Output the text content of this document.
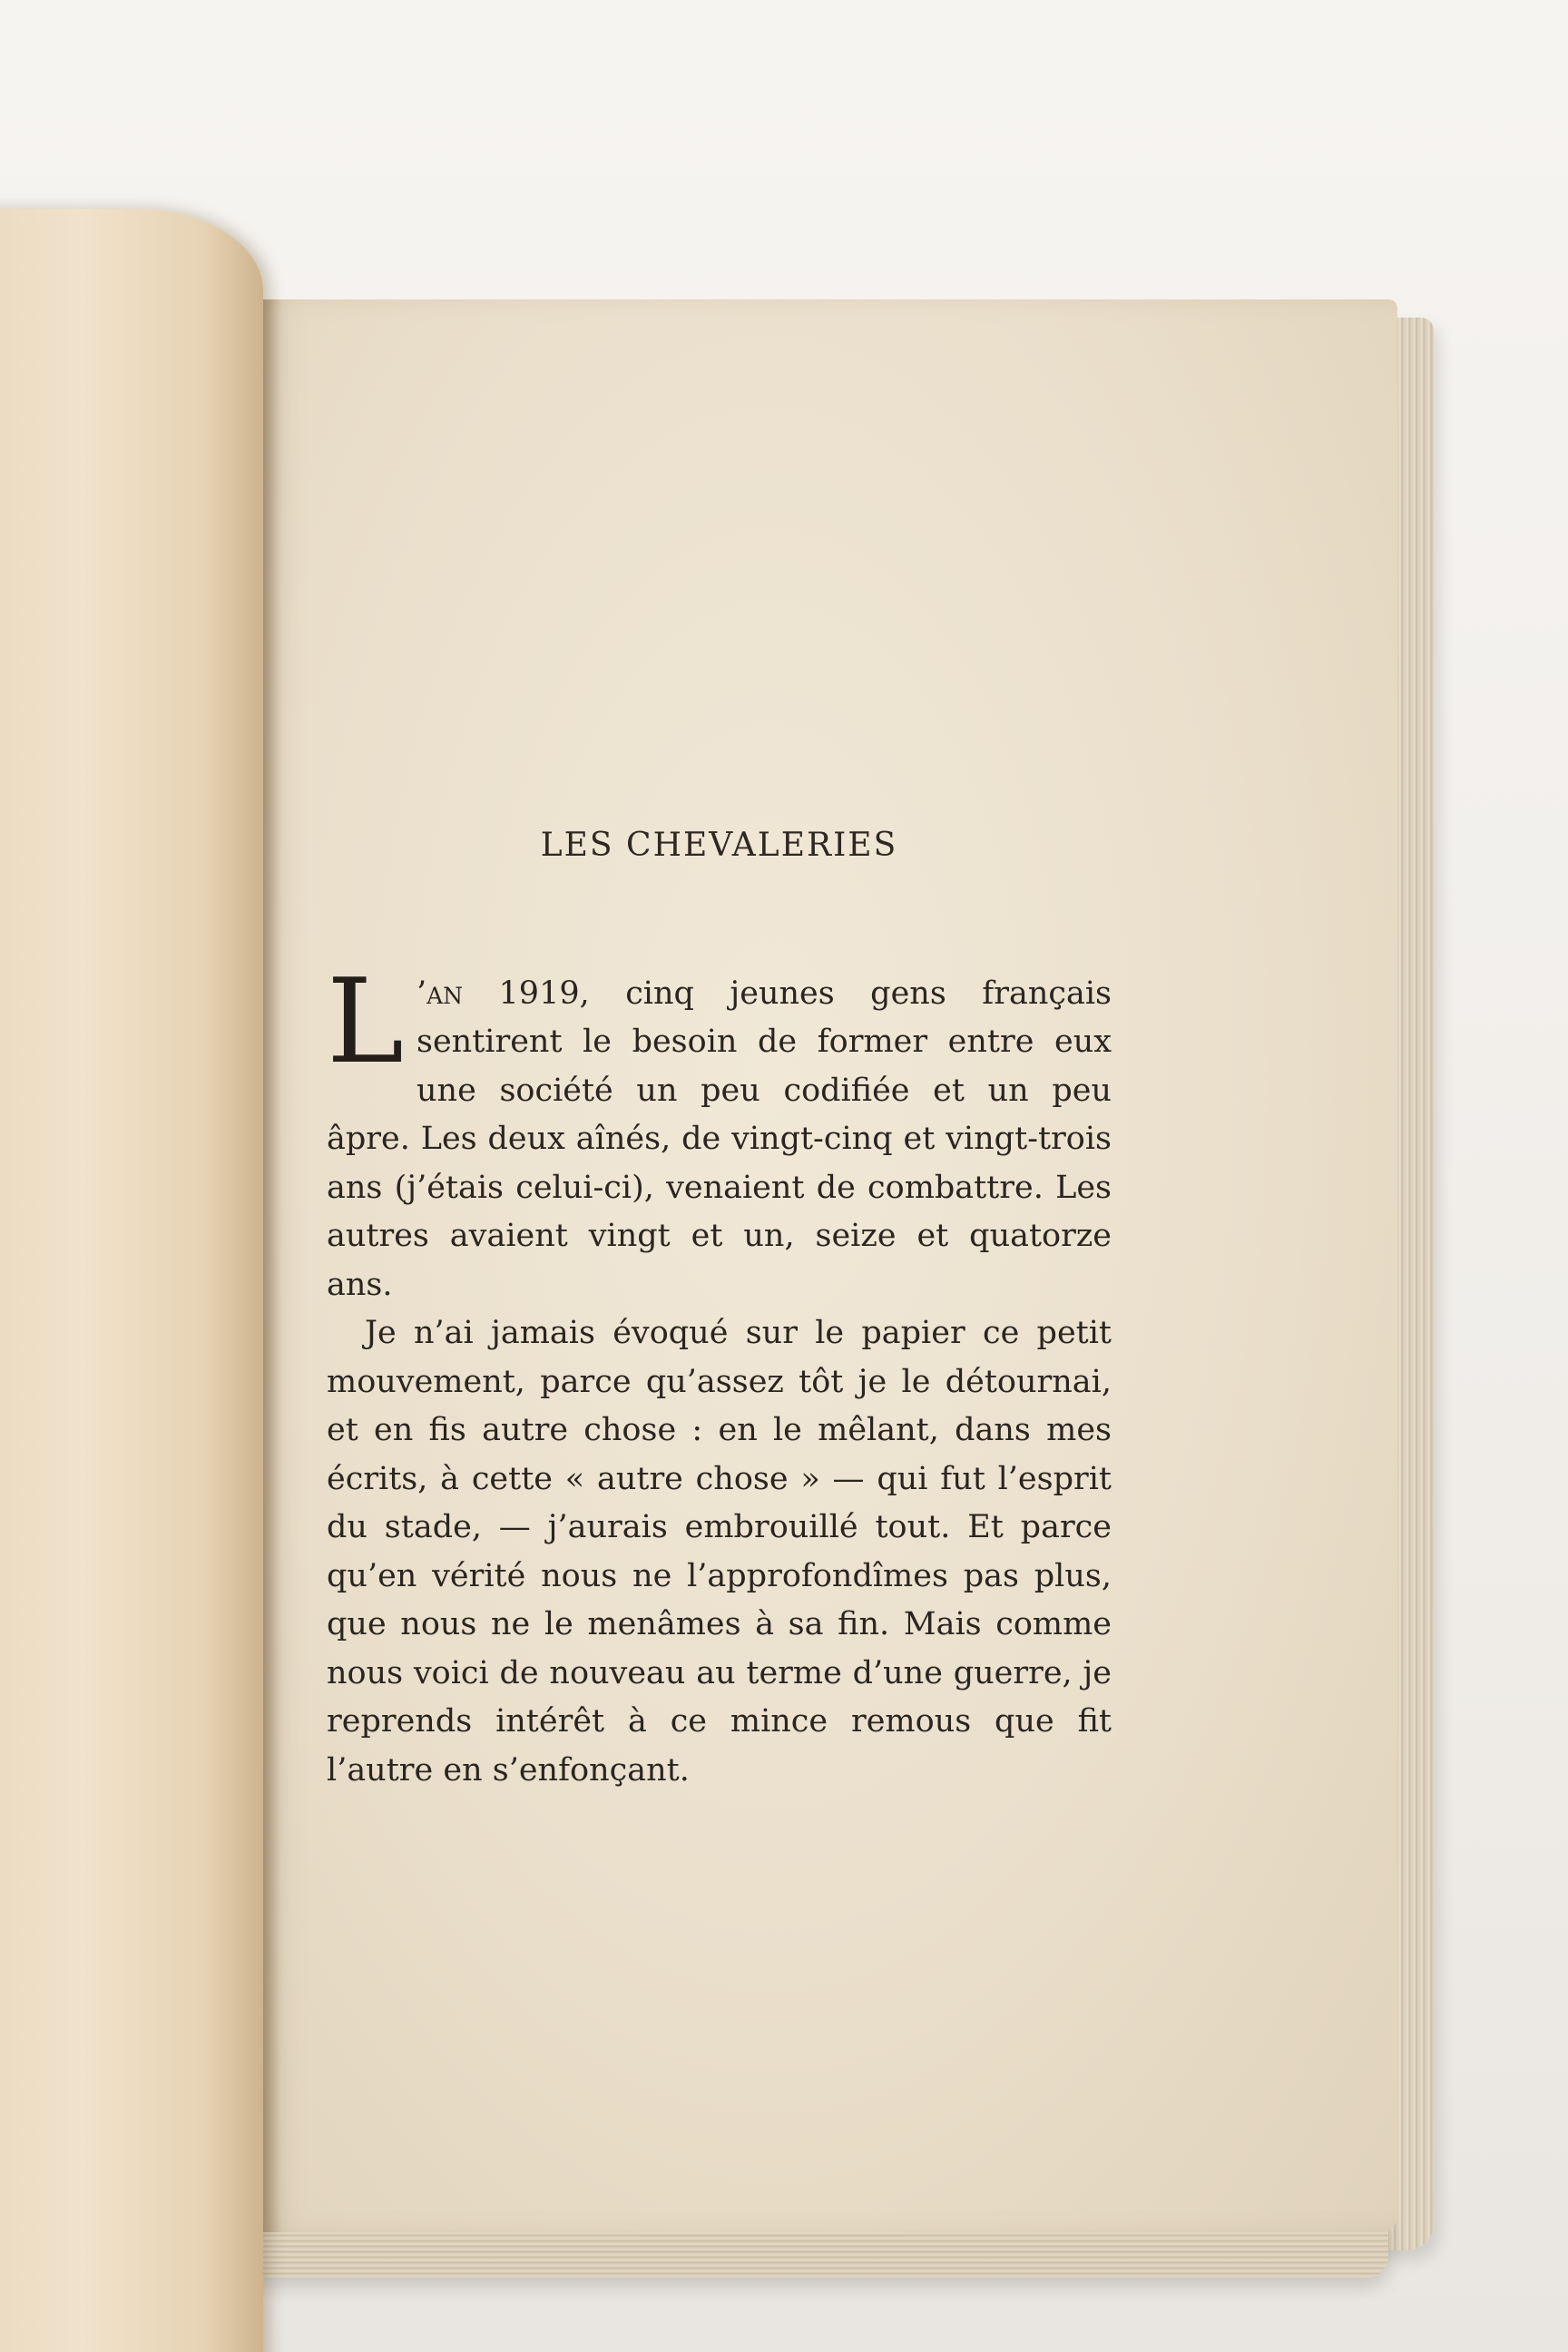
LES CHEVALERIES

L ’an 1919, cinq jeunes gens français sentirent le besoin de former entre eux une société un peu codifiée et un peu âpre. Les deux aînés, de vingt-cinq et vingt-trois ans (j’étais celui-ci), venaient de combattre. Les autres avaient vingt et un, seize et quatorze ans.

Je n’ai jamais évoqué sur le papier ce petit mouvement, parce qu’assez tôt je le détournai, et en fis autre chose : en le mêlant, dans mes écrits, à cette « autre chose » — qui fut l’esprit du stade, — j’aurais embrouillé tout. Et parce qu’en vérité nous ne l’approfondîmes pas plus, que nous ne le menâmes à sa fin. Mais comme nous voici de nouveau au terme d’une guerre, je reprends intérêt à ce mince remous que fit l’autre en s’enfonçant.
